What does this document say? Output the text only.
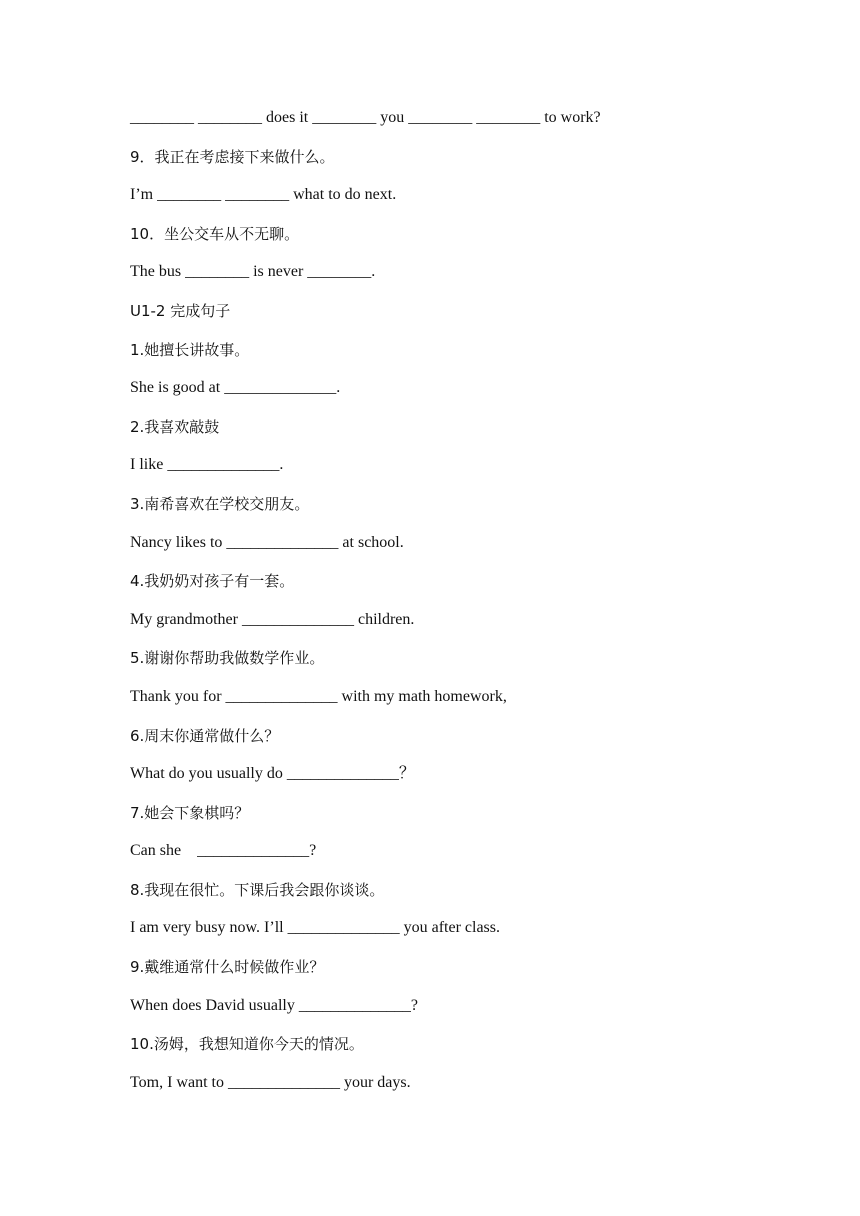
________ ________ does it ________ you ________ ________ to work?
9．我正在考虑接下来做什么。
I’m ________ ________ what to do next.
10．坐公交车从不无聊。
The bus ________ is never ________.
U1-2 完成句子
1.她擅长讲故事。
She is good at ______________.
2.我喜欢敲鼓
I like ______________.
3.南希喜欢在学校交朋友。
Nancy likes to ______________ at school.
4.我奶奶对孩子有一套。
My grandmother ______________ children.
5.谢谢你帮助我做数学作业。
Thank you for ______________ with my math homework,
6.周末你通常做什么？
What do you usually do ______________？
7.她会下象棋吗？
Can she    ______________?
8.我现在很忙。下课后我会跟你谈谈。
I am very busy now. I’ll ______________ you after class.
9.戴维通常什么时候做作业？
When does David usually ______________?
10.汤姆，我想知道你今天的情况。
Tom, I want to ______________ your days.
